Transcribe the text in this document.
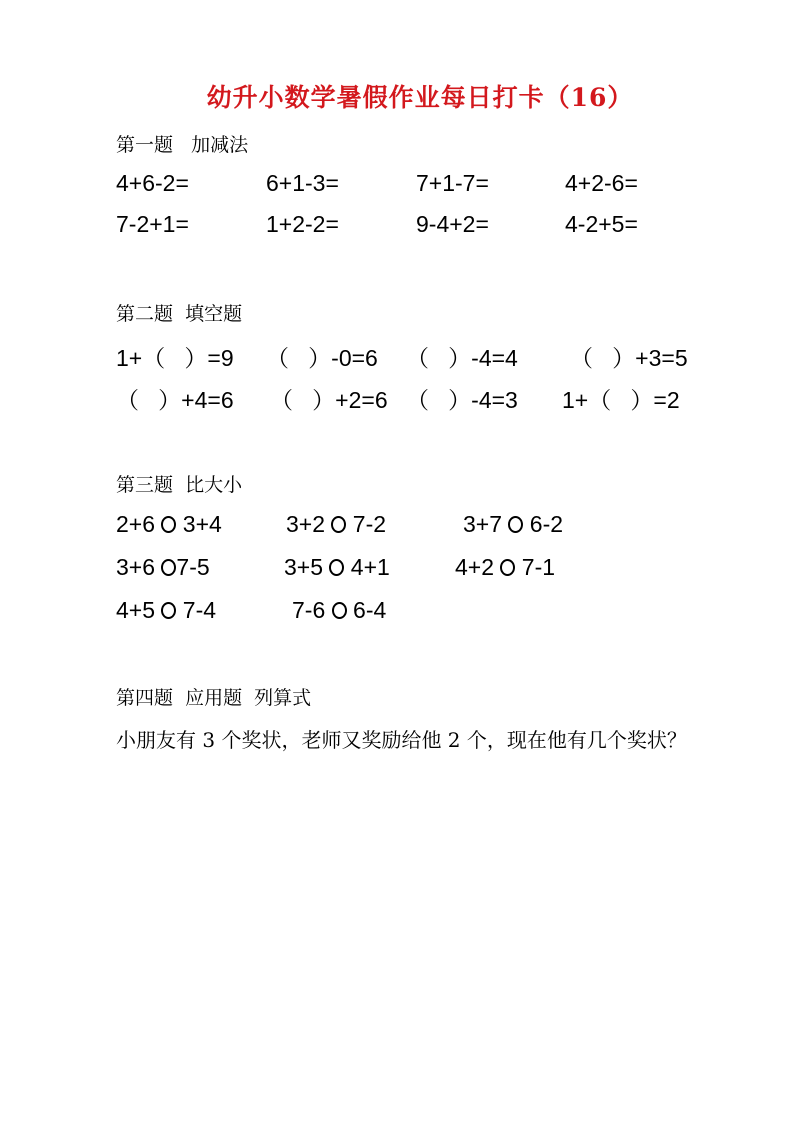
幼升小数学暑假作业每日打卡（16）
第一题   加减法
4+6-2=	6+1-3=	7+1-7=	4+2-6=
7-2+1=	1+2-2=	9-4+2=	4-2+5=
第二题  填空题
1+（   ）=9 （   ）-0=6 （   ）-4=4 （   ）+3=5
（   ）+4=6 （   ）+2=6 （   ）-4=3 1+（   ）=2
第三题  比大小
2+6  3+4	3+2  7-2	3+7  6-2
3+6 7-5	3+5  4+1	4+2  7-1
4+5  7-4	7-6  6-4
第四题  应用题  列算式
小朋友有 3 个奖状，老师又奖励给他 2 个，现在他有几个奖状？
